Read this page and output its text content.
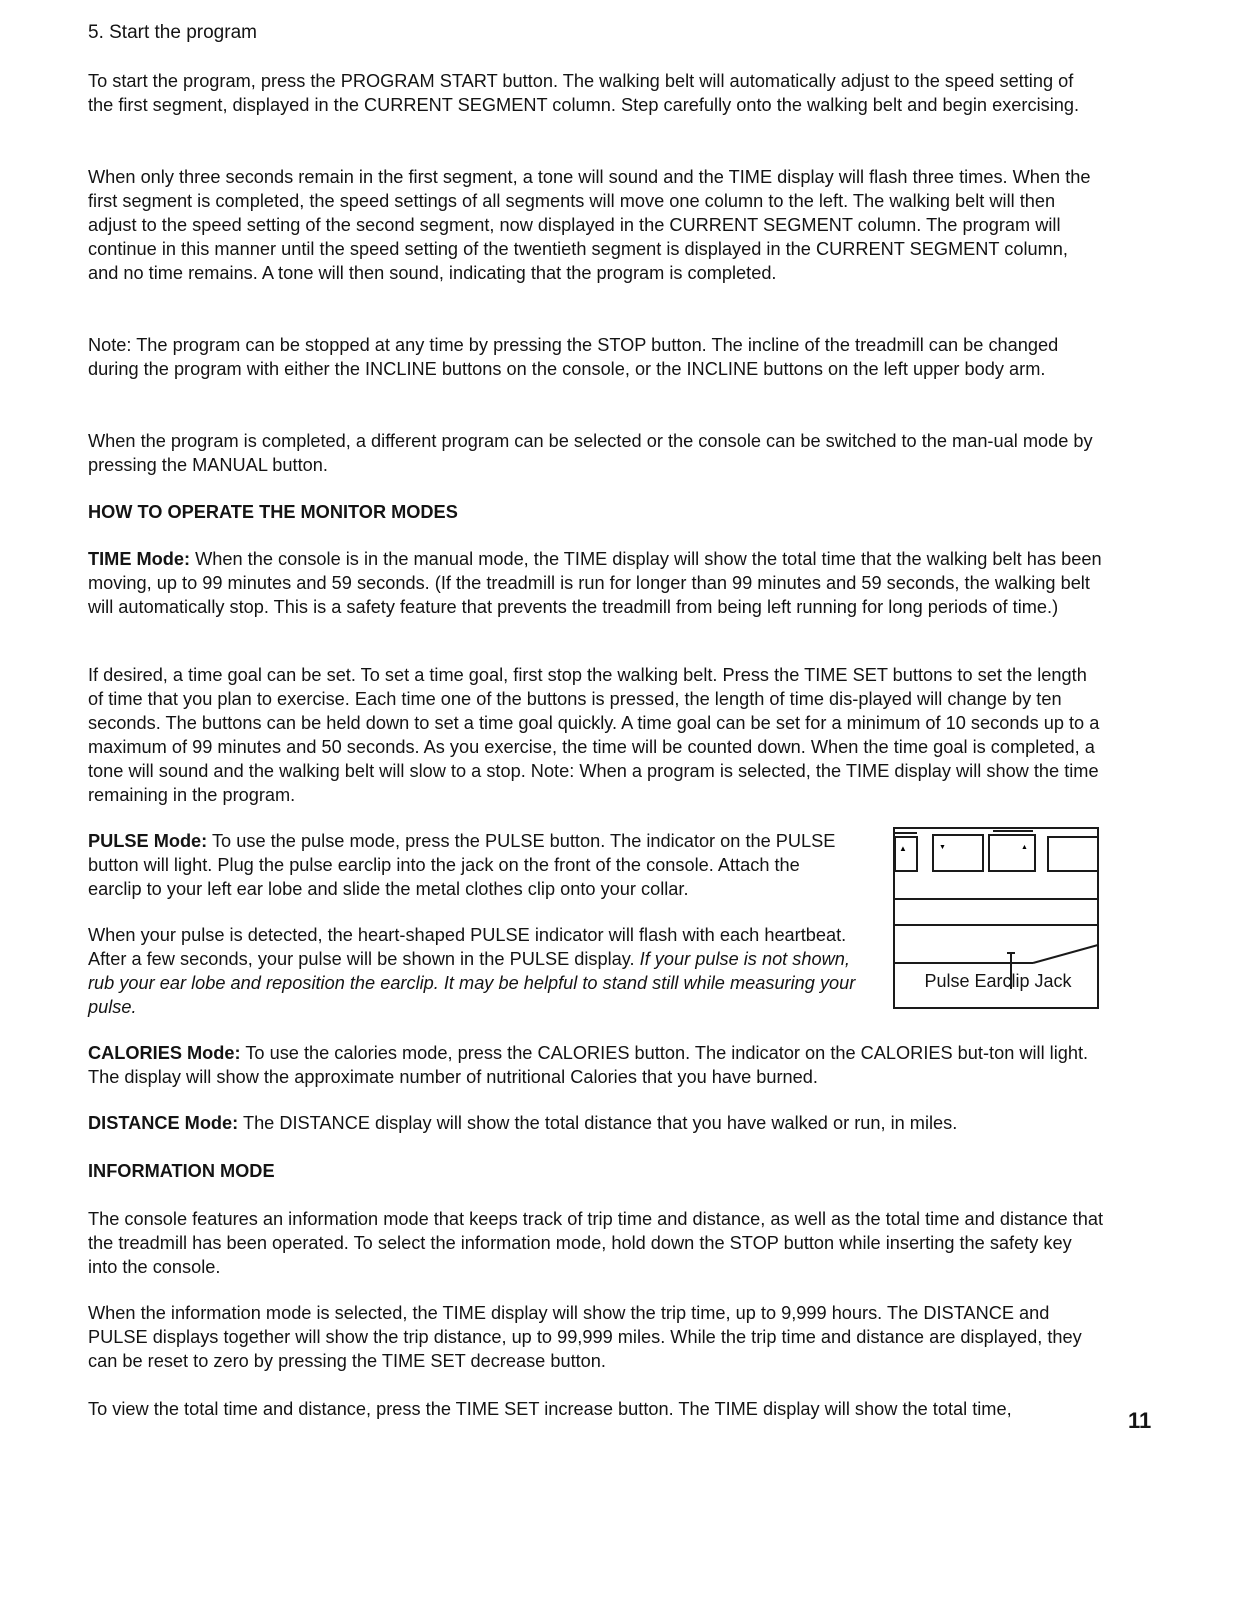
5. Start the program

To start the program, press the PROGRAM START button. The walking belt will automatically adjust to the speed setting of the first segment, displayed in the CURRENT SEGMENT column. Step carefully onto the walking belt and begin exercising.

When only three seconds remain in the first segment, a tone will sound and the TIME display will flash three times. When the first segment is completed, the speed settings of all segments will move one column to the left. The walking belt will then adjust to the speed setting of the second segment, now displayed in the CURRENT SEGMENT column. The program will continue in this manner until the speed setting of the twentieth segment is displayed in the CURRENT SEGMENT column, and no time remains. A tone will then sound, indicating that the program is completed.

Note: The program can be stopped at any time by pressing the STOP button. The incline of the treadmill can be changed during the program with either the INCLINE buttons on the console, or the INCLINE buttons on the left upper body arm.

When the program is completed, a different program can be selected or the console can be switched to the man-ual mode by pressing the MANUAL button.

HOW TO OPERATE THE MONITOR MODES

TIME Mode: When the console is in the manual mode, the TIME display will show the total time that the walking belt has been moving, up to 99 minutes and 59 seconds. (If the treadmill is run for longer than 99 minutes and 59 seconds, the walking belt will automatically stop. This is a safety feature that prevents the treadmill from being left running for long periods of time.)

If desired, a time goal can be set. To set a time goal, first stop the walking belt. Press the TIME SET buttons to set the length of time that you plan to exercise. Each time one of the buttons is pressed, the length of time dis-played will change by ten seconds. The buttons can be held down to set a time goal quickly. A time goal can be set for a minimum of 10 seconds up to a maximum of 99 minutes and 50 seconds. As you exercise, the time will be counted down. When the time goal is completed, a tone will sound and the walking belt will slow to a stop. Note: When a program is selected, the TIME display will show the time remaining in the program.

PULSE Mode: To use the pulse mode, press the PULSE button. The indicator on the PULSE button will light. Plug the pulse earclip into the jack on the front of the console. Attach the earclip to your left ear lobe and slide the metal clothes clip onto your collar.

When your pulse is detected, the heart-shaped PULSE indicator will flash with each heartbeat. After a few seconds, your pulse will be shown in the PULSE display. If your pulse is not shown, rub your ear lobe and reposition the earclip. It may be helpful to stand still while measuring your pulse.

▲	▼	▲
Pulse Earclip Jack

CALORIES Mode: To use the calories mode, press the CALORIES button. The indicator on the CALORIES but-ton will light. The display will show the approximate number of nutritional Calories that you have burned.

DISTANCE Mode: The DISTANCE display will show the total distance that you have walked or run, in miles.

INFORMATION MODE

The console features an information mode that keeps track of trip time and distance, as well as the total time and distance that the treadmill has been operated. To select the information mode, hold down the STOP button while inserting the safety key into the console.

When the information mode is selected, the TIME display will show the trip time, up to 9,999 hours. The DISTANCE and PULSE displays together will show the trip distance, up to 99,999 miles. While the trip time and distance are displayed, they can be reset to zero by pressing the TIME SET decrease button.

To view the total time and distance, press the TIME SET increase button. The TIME display will show the total time,	11
